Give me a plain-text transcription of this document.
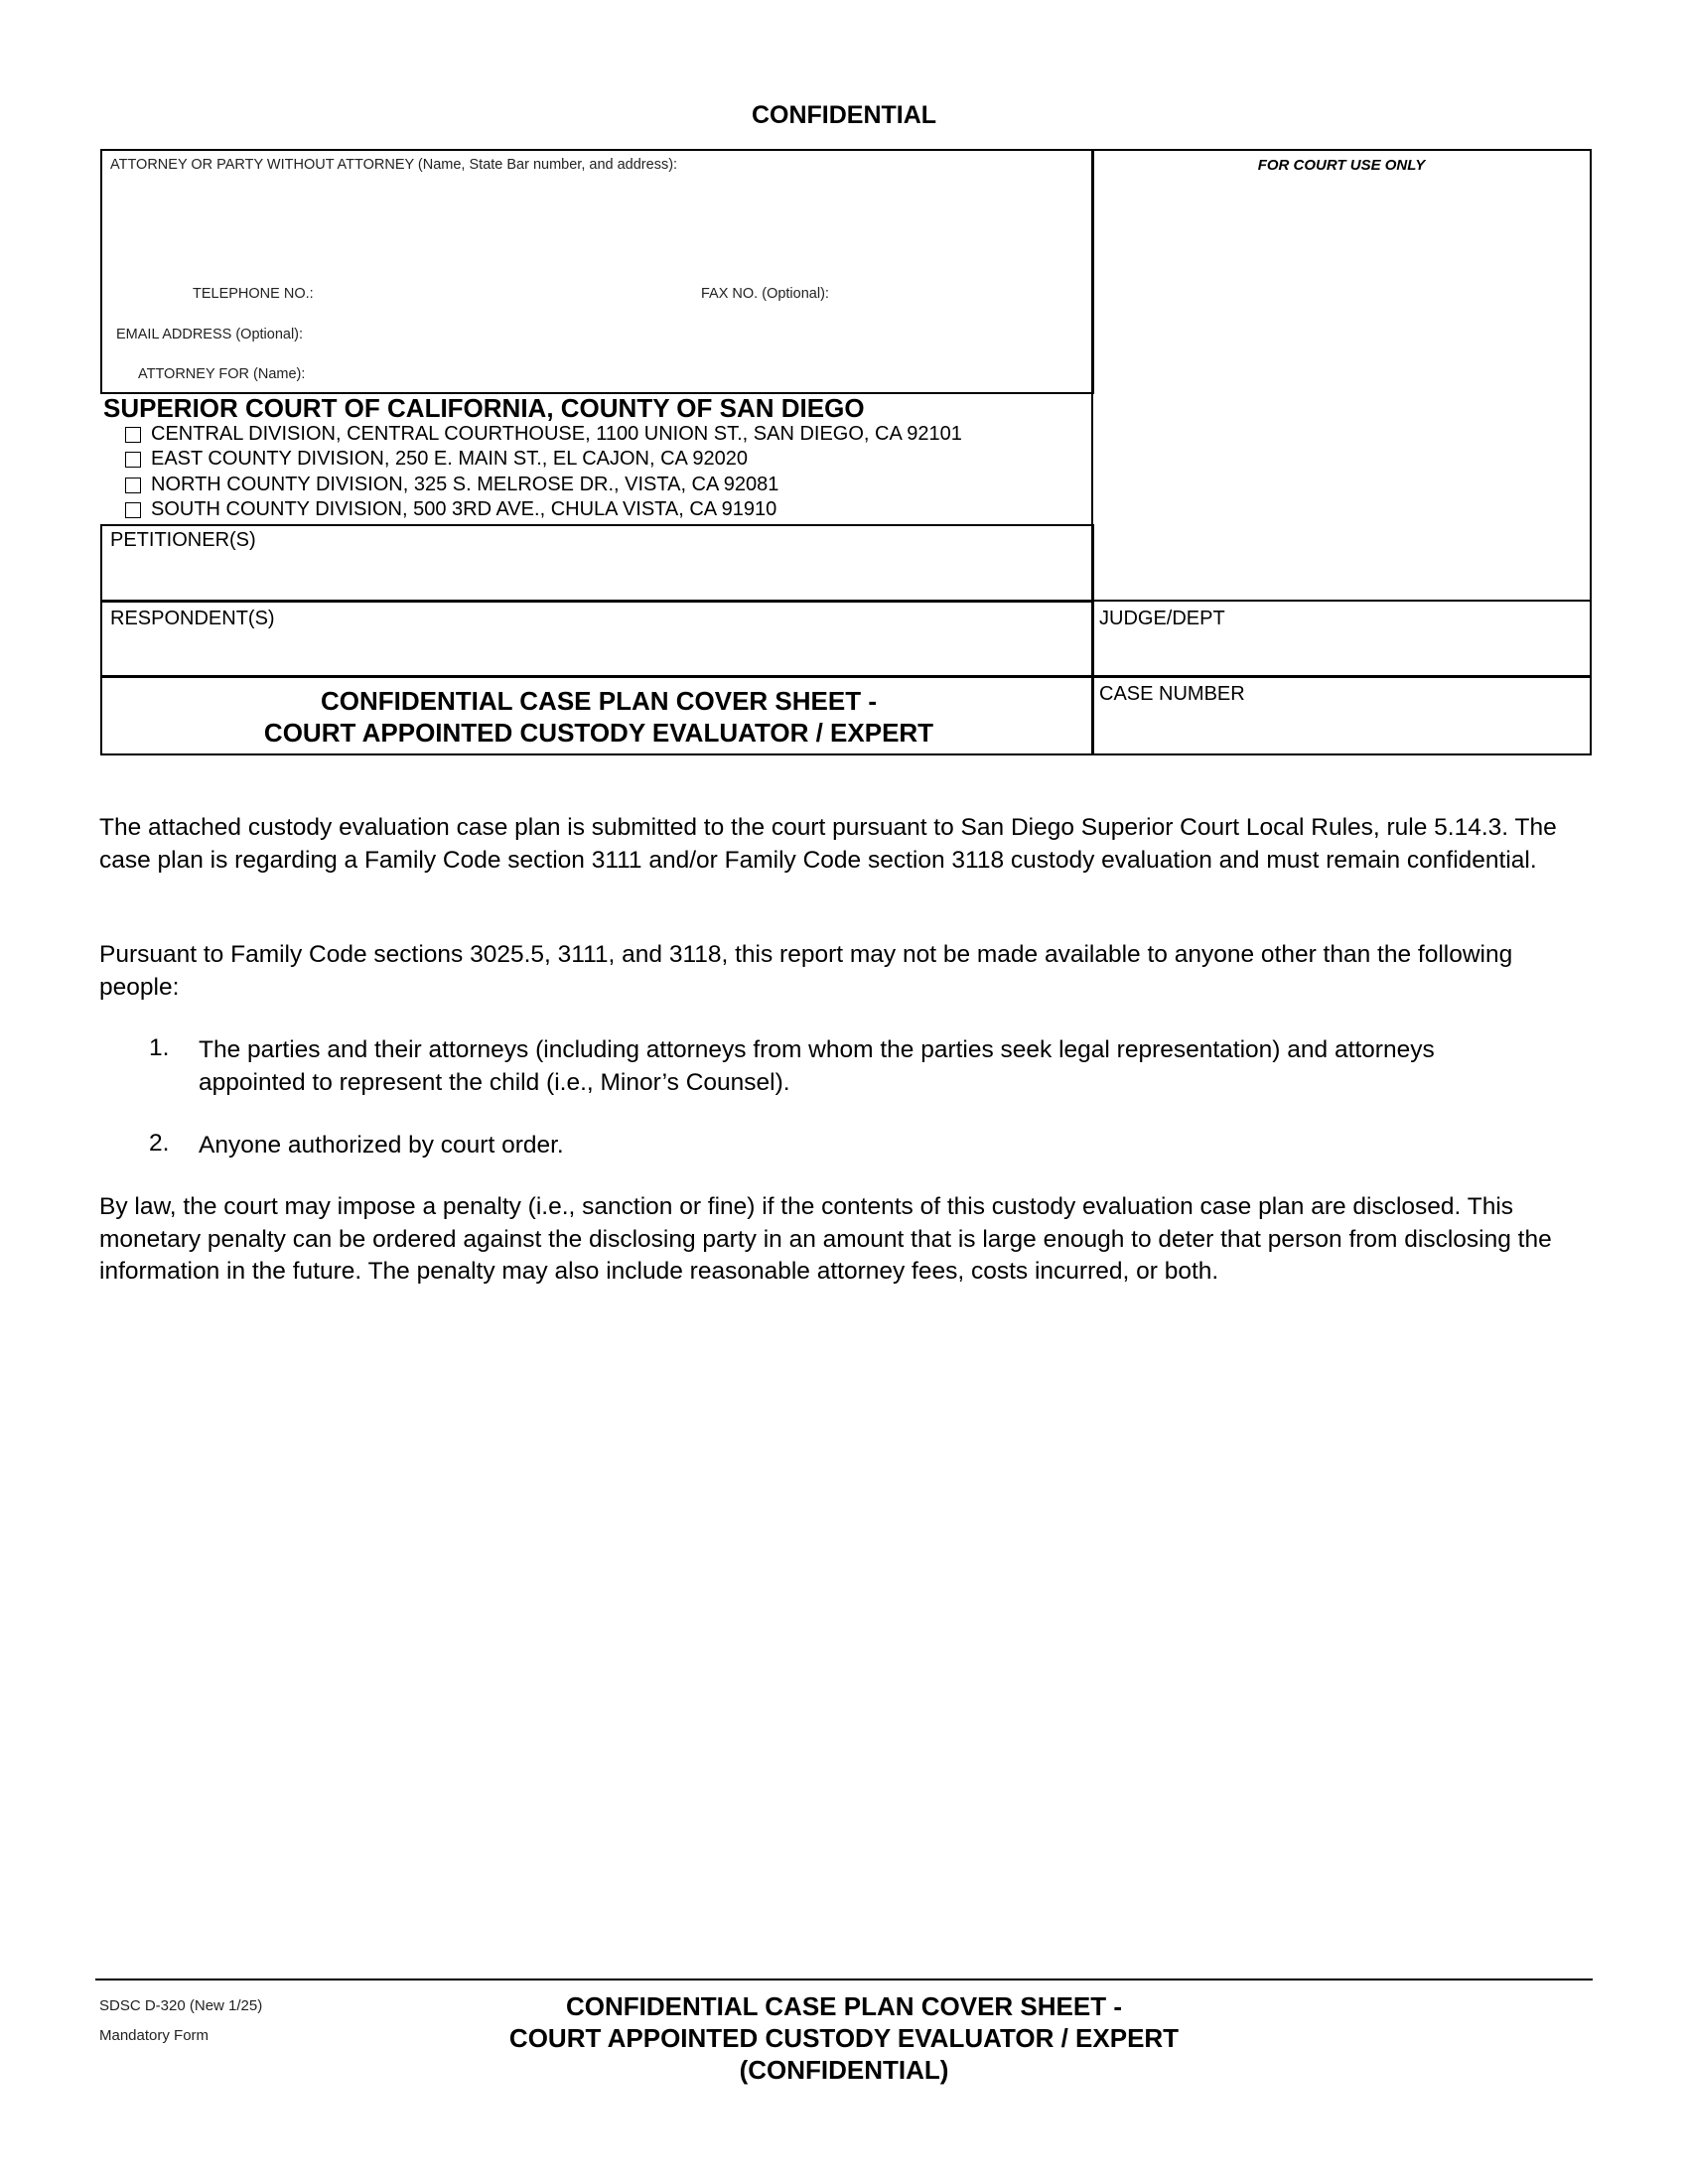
CONFIDENTIAL
ATTORNEY OR PARTY WITHOUT ATTORNEY (Name, State Bar number, and address):
TELEPHONE NO.:	FAX NO. (Optional):
EMAIL ADDRESS (Optional):
ATTORNEY FOR (Name):
FOR COURT USE ONLY
SUPERIOR COURT OF CALIFORNIA, COUNTY OF SAN DIEGO
CENTRAL DIVISION, CENTRAL COURTHOUSE, 1100 UNION ST., SAN DIEGO, CA 92101
EAST COUNTY DIVISION, 250 E. MAIN ST., EL CAJON, CA 92020
NORTH COUNTY DIVISION, 325 S. MELROSE DR., VISTA, CA 92081
SOUTH COUNTY DIVISION, 500 3RD AVE., CHULA VISTA, CA 91910
PETITIONER(S)
RESPONDENT(S)	JUDGE/DEPT
CONFIDENTIAL CASE PLAN COVER SHEET -
COURT APPOINTED CUSTODY EVALUATOR / EXPERT
CASE NUMBER
The attached custody evaluation case plan is submitted to the court pursuant to San Diego Superior Court Local Rules, rule 5.14.3. The case plan is regarding a Family Code section 3111 and/or Family Code section 3118 custody evaluation and must remain confidential.
Pursuant to Family Code sections 3025.5, 3111, and 3118, this report may not be made available to anyone other than the following people:
1. The parties and their attorneys (including attorneys from whom the parties seek legal representation) and attorneys appointed to represent the child (i.e., Minor’s Counsel).
2. Anyone authorized by court order.
By law, the court may impose a penalty (i.e., sanction or fine) if the contents of this custody evaluation case plan are disclosed. This monetary penalty can be ordered against the disclosing party in an amount that is large enough to deter that person from disclosing the information in the future. The penalty may also include reasonable attorney fees, costs incurred, or both.
SDSC D-320 (New 1/25)
Mandatory Form
CONFIDENTIAL CASE PLAN COVER SHEET -
COURT APPOINTED CUSTODY EVALUATOR / EXPERT
(CONFIDENTIAL)
